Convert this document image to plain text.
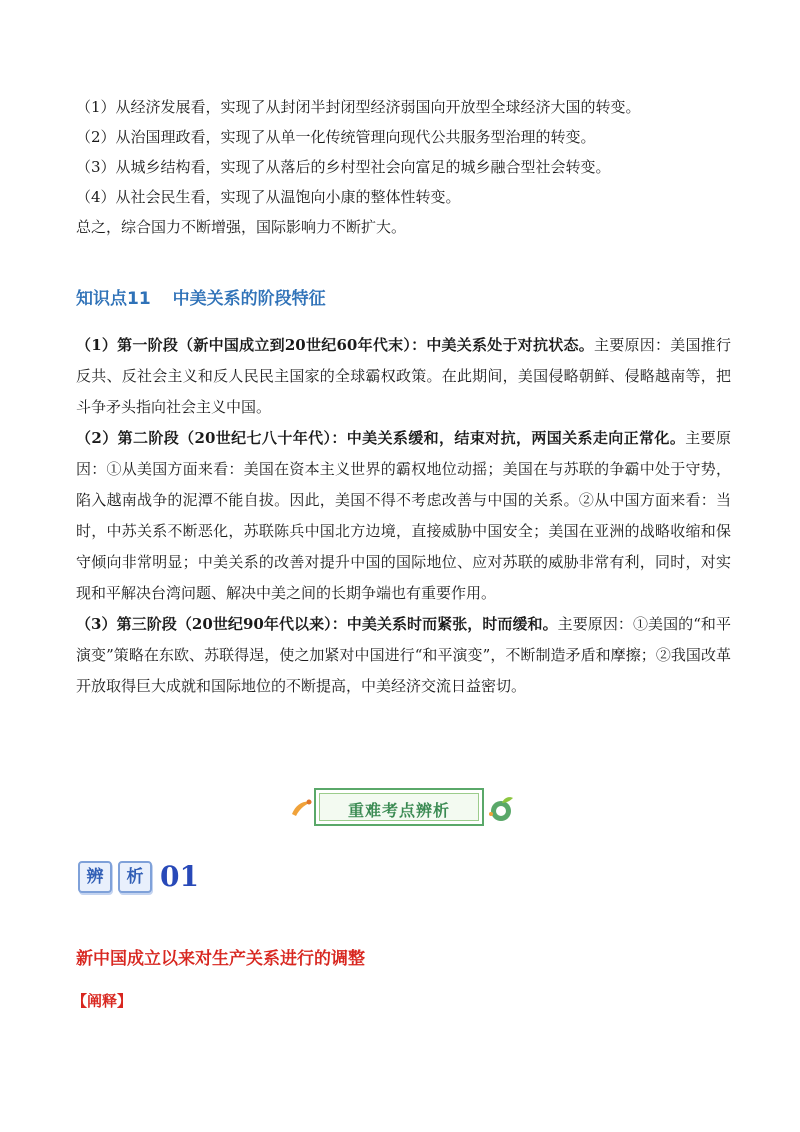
（1）从经济发展看，实现了从封闭半封闭型经济弱国向开放型全球经济大国的转变。

（2）从治国理政看，实现了从单一化传统管理向现代公共服务型治理的转变。

（3）从城乡结构看，实现了从落后的乡村型社会向富足的城乡融合型社会转变。

（4）从社会民生看，实现了从温饱向小康的整体性转变。

总之，综合国力不断增强，国际影响力不断扩大。

知识点11 中美关系的阶段特征

（1）第一阶段（新中国成立到20世纪60年代末）：中美关系处于对抗状态。主要原因：美国推行反共、反社会主义和反人民民主国家的全球霸权政策。在此期间，美国侵略朝鲜、侵略越南等，把斗争矛头指向社会主义中国。

（2）第二阶段（20世纪七八十年代）：中美关系缓和，结束对抗，两国关系走向正常化。主要原因：①从美国方面来看：美国在资本主义世界的霸权地位动摇；美国在与苏联的争霸中处于守势，陷入越南战争的泥潭不能自拔。因此，美国不得不考虑改善与中国的关系。②从中国方面来看：当时，中苏关系不断恶化，苏联陈兵中国北方边境，直接威胁中国安全；美国在亚洲的战略收缩和保守倾向非常明显；中美关系的改善对提升中国的国际地位、应对苏联的威胁非常有利，同时，对实现和平解决台湾问题、解决中美之间的长期争端也有重要作用。

（3）第三阶段（20世纪90年代以来）：中美关系时而紧张，时而缓和。主要原因：①美国的“和平演变”策略在东欧、苏联得逞，使之加紧对中国进行“和平演变”，不断制造矛盾和摩擦；②我国改革开放取得巨大成就和国际地位的不断提高，中美经济交流日益密切。

重难考点辨析
辨 析 01
新中国成立以来对生产关系进行的调整
【阐释】
